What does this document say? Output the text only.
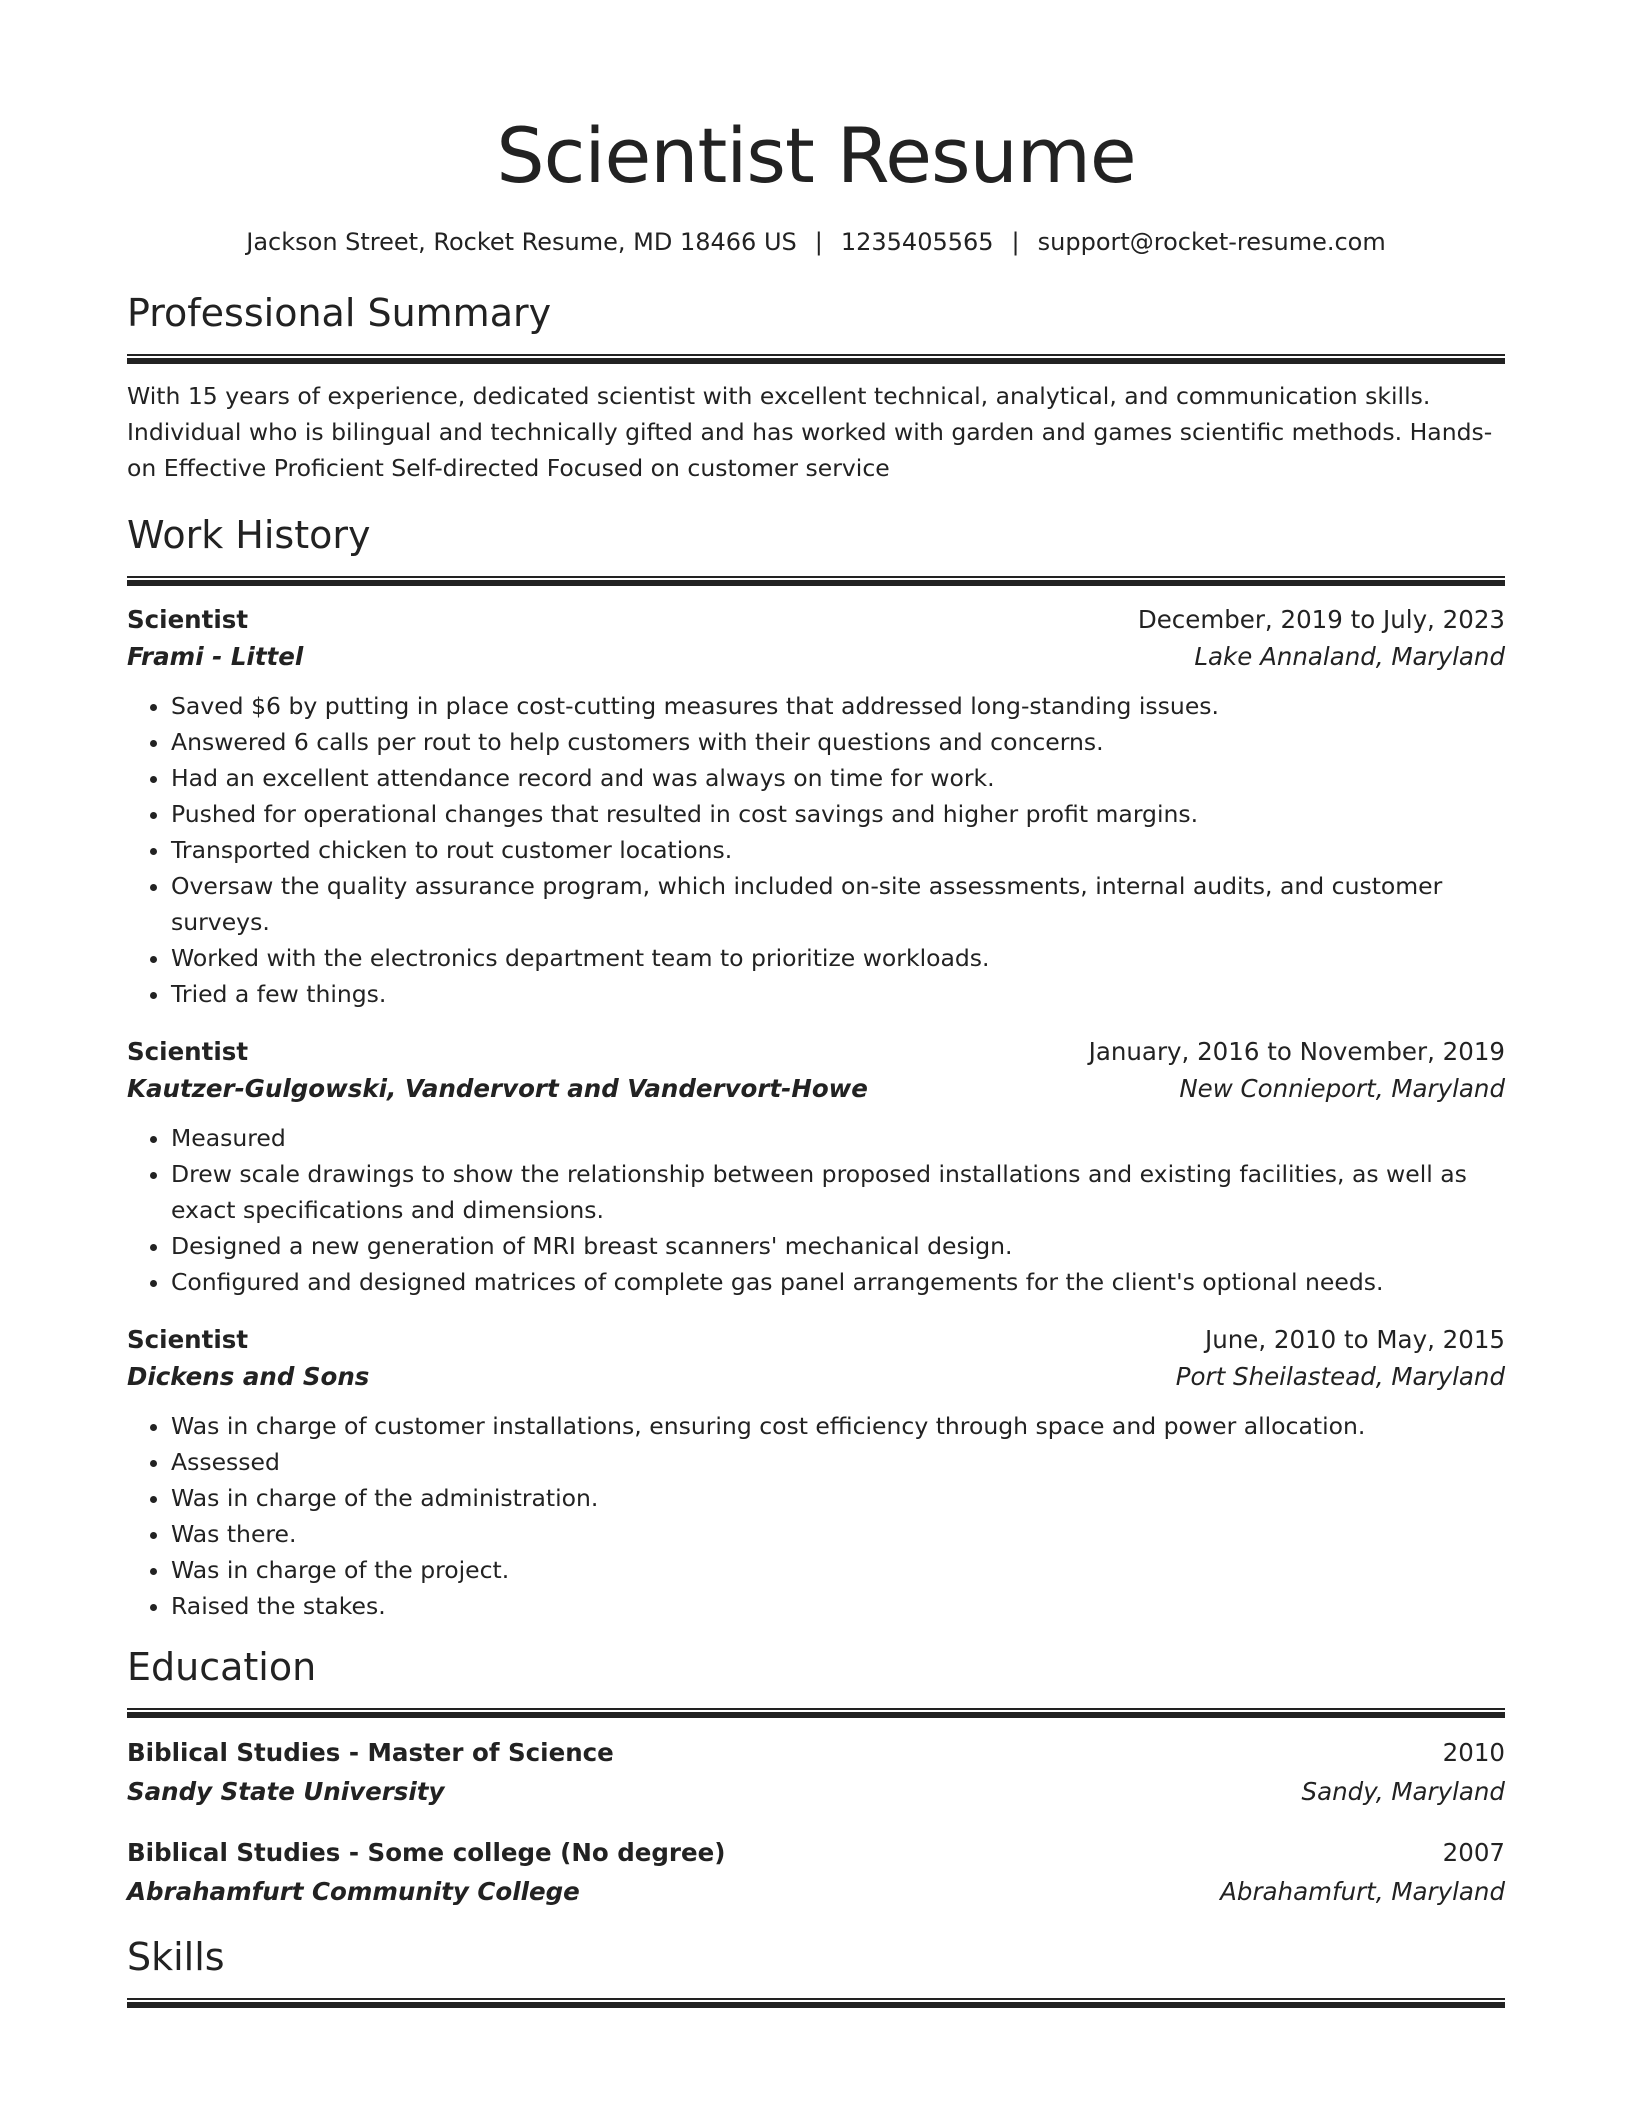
Scientist Resume
Jackson Street, Rocket Resume, MD 18466 US | 1235405565 | support@rocket-resume.com
Professional Summary
With 15 years of experience, dedicated scientist with excellent technical, analytical, and communication skills. Individual who is bilingual and technically gifted and has worked with garden and games scientific methods. Hands-on Effective Proficient Self-directed Focused on customer service
Work History
Scientist	December, 2019 to July, 2023
Frami - Littel	Lake Annaland, Maryland
• Saved $6 by putting in place cost-cutting measures that addressed long-standing issues.
• Answered 6 calls per rout to help customers with their questions and concerns.
• Had an excellent attendance record and was always on time for work.
• Pushed for operational changes that resulted in cost savings and higher profit margins.
• Transported chicken to rout customer locations.
• Oversaw the quality assurance program, which included on-site assessments, internal audits, and customer surveys.
• Worked with the electronics department team to prioritize workloads.
• Tried a few things.
Scientist	January, 2016 to November, 2019
Kautzer-Gulgowski, Vandervort and Vandervort-Howe	New Connieport, Maryland
• Measured
• Drew scale drawings to show the relationship between proposed installations and existing facilities, as well as exact specifications and dimensions.
• Designed a new generation of MRI breast scanners' mechanical design.
• Configured and designed matrices of complete gas panel arrangements for the client's optional needs.
Scientist	June, 2010 to May, 2015
Dickens and Sons	Port Sheilastead, Maryland
• Was in charge of customer installations, ensuring cost efficiency through space and power allocation.
• Assessed
• Was in charge of the administration.
• Was there.
• Was in charge of the project.
• Raised the stakes.
Education
Biblical Studies - Master of Science	2010
Sandy State University	Sandy, Maryland
Biblical Studies - Some college (No degree)	2007
Abrahamfurt Community College	Abrahamfurt, Maryland
Skills
